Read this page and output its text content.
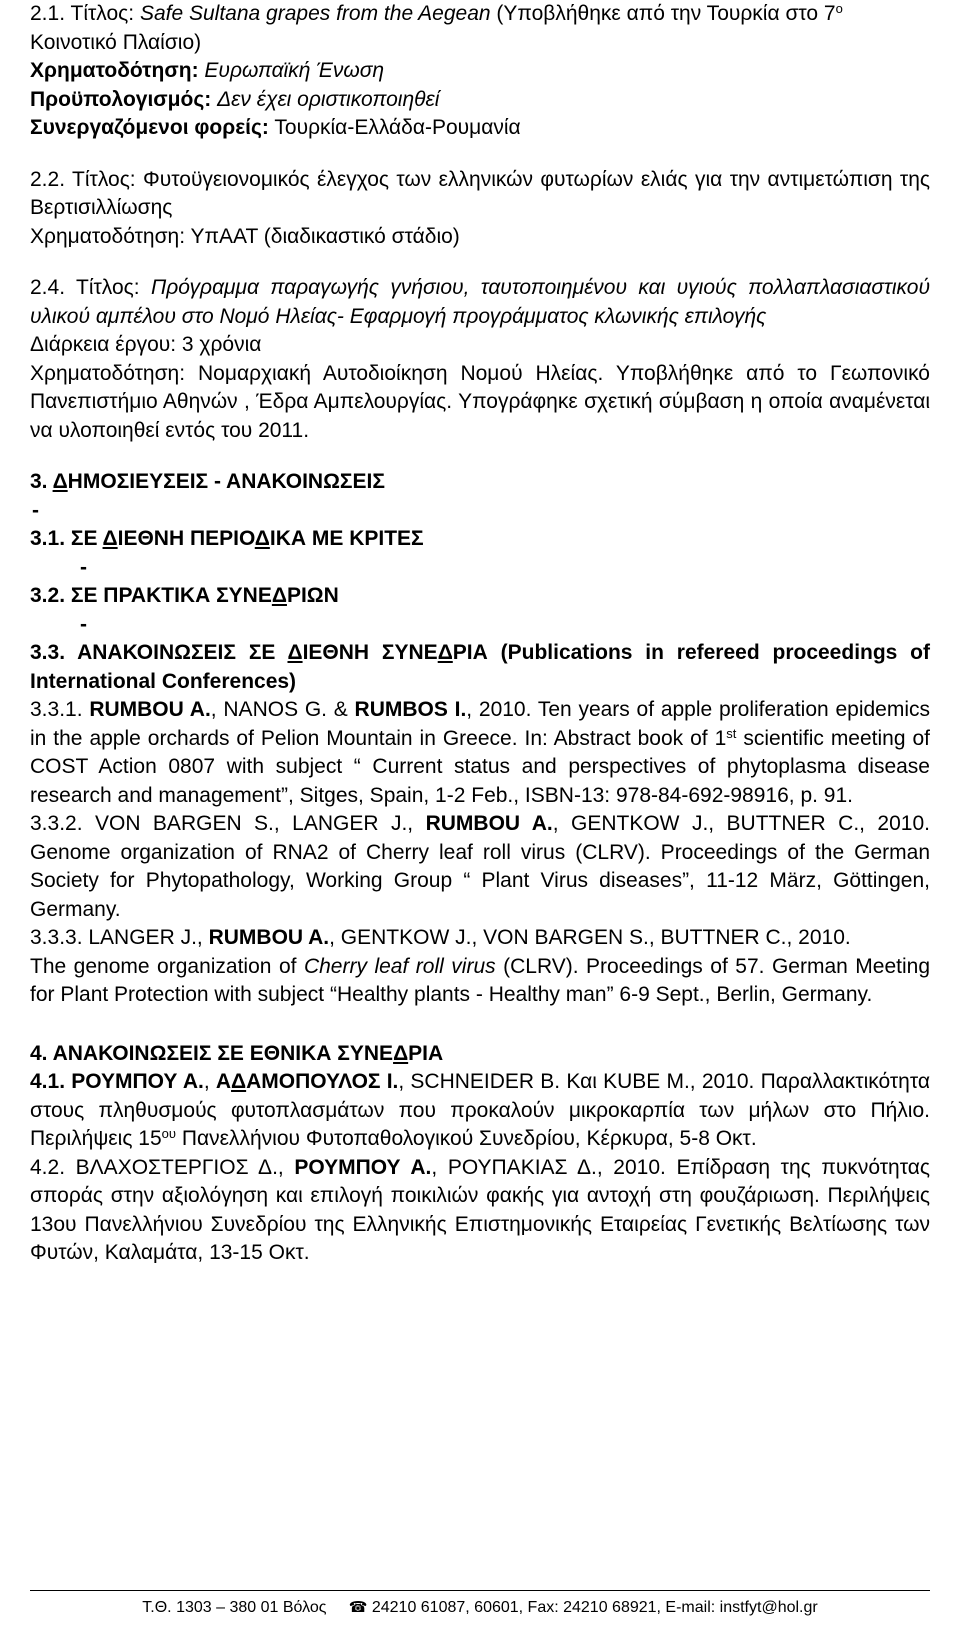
2.1. Τίτλος: Safe Sultana grapes from the Aegean (Υποβλήθηκε από την Τουρκία στο $7^o$ Κοινοτικό Πλαίσιο)

Χρηματοδότηση: Ευρωπαϊκή Ένωση

Προϋπολογισμός: Δεν έχει οριστικοποιηθεί

Συνεργαζόμενοι φορείς: Τουρκία-Ελλάδα-Ρουμανία

2.2. Τίτλος: Φυτοϋγειονομικός έλεγχος των ελληνικών φυτωρίων ελιάς για την αντιμετώπιση της Βερτισιλλίωσης

Χρηματοδότηση: ΥπΑΑΤ (διαδικαστικό στάδιο)

2.4. Τίτλος: Πρόγραμμα παραγωγής γνήσιου, ταυτοποιημένου και υγιούς πολλαπλασιαστικού υλικού αμπέλου στο Νομό Ηλείας- Εφαρμογή προγράμματος κλωνικής επιλογής

Διάρκεια έργου: 3 χρόνια

Χρηματοδότηση: Νομαρχιακή Αυτοδιοίκηση Νομού Ηλείας. Υποβλήθηκε από το Γεωπονικό Πανεπιστήμιο Αθηνών , Έδρα Αμπελουργίας. Υπογράφηκε σχετική σύμβαση η οποία αναμένεται να υλοποιηθεί εντός του 2011.

3. ΔΗΜΟΣΙΕΥΣΕΙΣ - ΑΝΑΚΟΙΝΩΣΕΙΣ

-

3.1. ΣΕ ΔΙΕΘΝΗ ΠΕΡΙΟΔΙΚΑ ΜΕ ΚΡΙΤΕΣ

-

3.2. ΣΕ ΠΡΑΚΤΙΚΑ ΣΥΝΕΔΡΙΩΝ

-

3.3. ΑΝΑΚΟΙΝΩΣΕΙΣ ΣΕ ΔΙΕΘΝΗ ΣΥΝΕΔΡΙΑ (Publications in refereed proceedings of International Conferences)

3.3.1. RUMBOU A., NANOS G. & RUMBOS I., 2010. Ten years of apple proliferation epidemics in the apple orchards of Pelion Mountain in Greece. In: Abstract book of 1st scientific meeting of COST Action 0807 with subject “ Current status and perspectives of phytoplasma disease research and management”, Sitges, Spain, 1-2 Feb., ISBN-13: 978-84-692-98916, p. 91.

3.3.2. VON BARGEN S., LANGER J., RUMBOU A., GENTKOW J., BUTTNER C., 2010. Genome organization of RNA2 of Cherry leaf roll virus (CLRV). Proceedings of the German Society for Phytopathology, Working Group “ Plant Virus diseases”, 11-12 März, Göttingen, Germany.

3.3.3. LANGER J., RUMBOU A., GENTKOW J., VON BARGEN S., BUTTNER C., 2010.

The genome organization of Cherry leaf roll virus (CLRV). Proceedings of 57. German Meeting for Plant Protection with subject “Healthy plants - Healthy man” 6-9 Sept., Berlin, Germany.

4. ΑΝΑΚΟΙΝΩΣΕΙΣ ΣΕ ΕΘΝΙΚΑ ΣΥΝΕΔΡΙΑ

4.1. ΡΟΥΜΠΟΥ Α., ΑΔΑΜΟΠΟΥΛΟΣ Ι., SCHNEIDER B. Και KUBE M., 2010. Παραλλακτικότητα στους πληθυσμούς φυτοπλασμάτων που προκαλούν μικροκαρπία των μήλων στο Πήλιο. Περιλήψεις $15^{o\upsilon}$ Πανελλήνιου Φυτοπαθολογικού Συνεδρίου, Κέρκυρα, 5-8 Οκτ.

4.2. ΒΛΑΧΟΣΤΕΡΓΙΟΣ Δ., ΡΟΥΜΠΟΥ Α., ΡΟΥΠΑΚΙΑΣ Δ., 2010. Επίδραση της πυκνότητας σποράς στην αξιολόγηση και επιλογή ποικιλιών φακής για αντοχή στη φουζάριωση. Περιλήψεις 13ου Πανελλήνιου Συνεδρίου της Ελληνικής Επιστημονικής Εταιρείας Γενετικής Βελτίωσης των Φυτών, Καλαμάτα, 13-15 Οκτ.

Τ.Θ. 1303 – 380 01 Βόλος ☎ 24210 61087, 60601, Fax: 24210 68921, E-mail: instfyt@hol.gr
